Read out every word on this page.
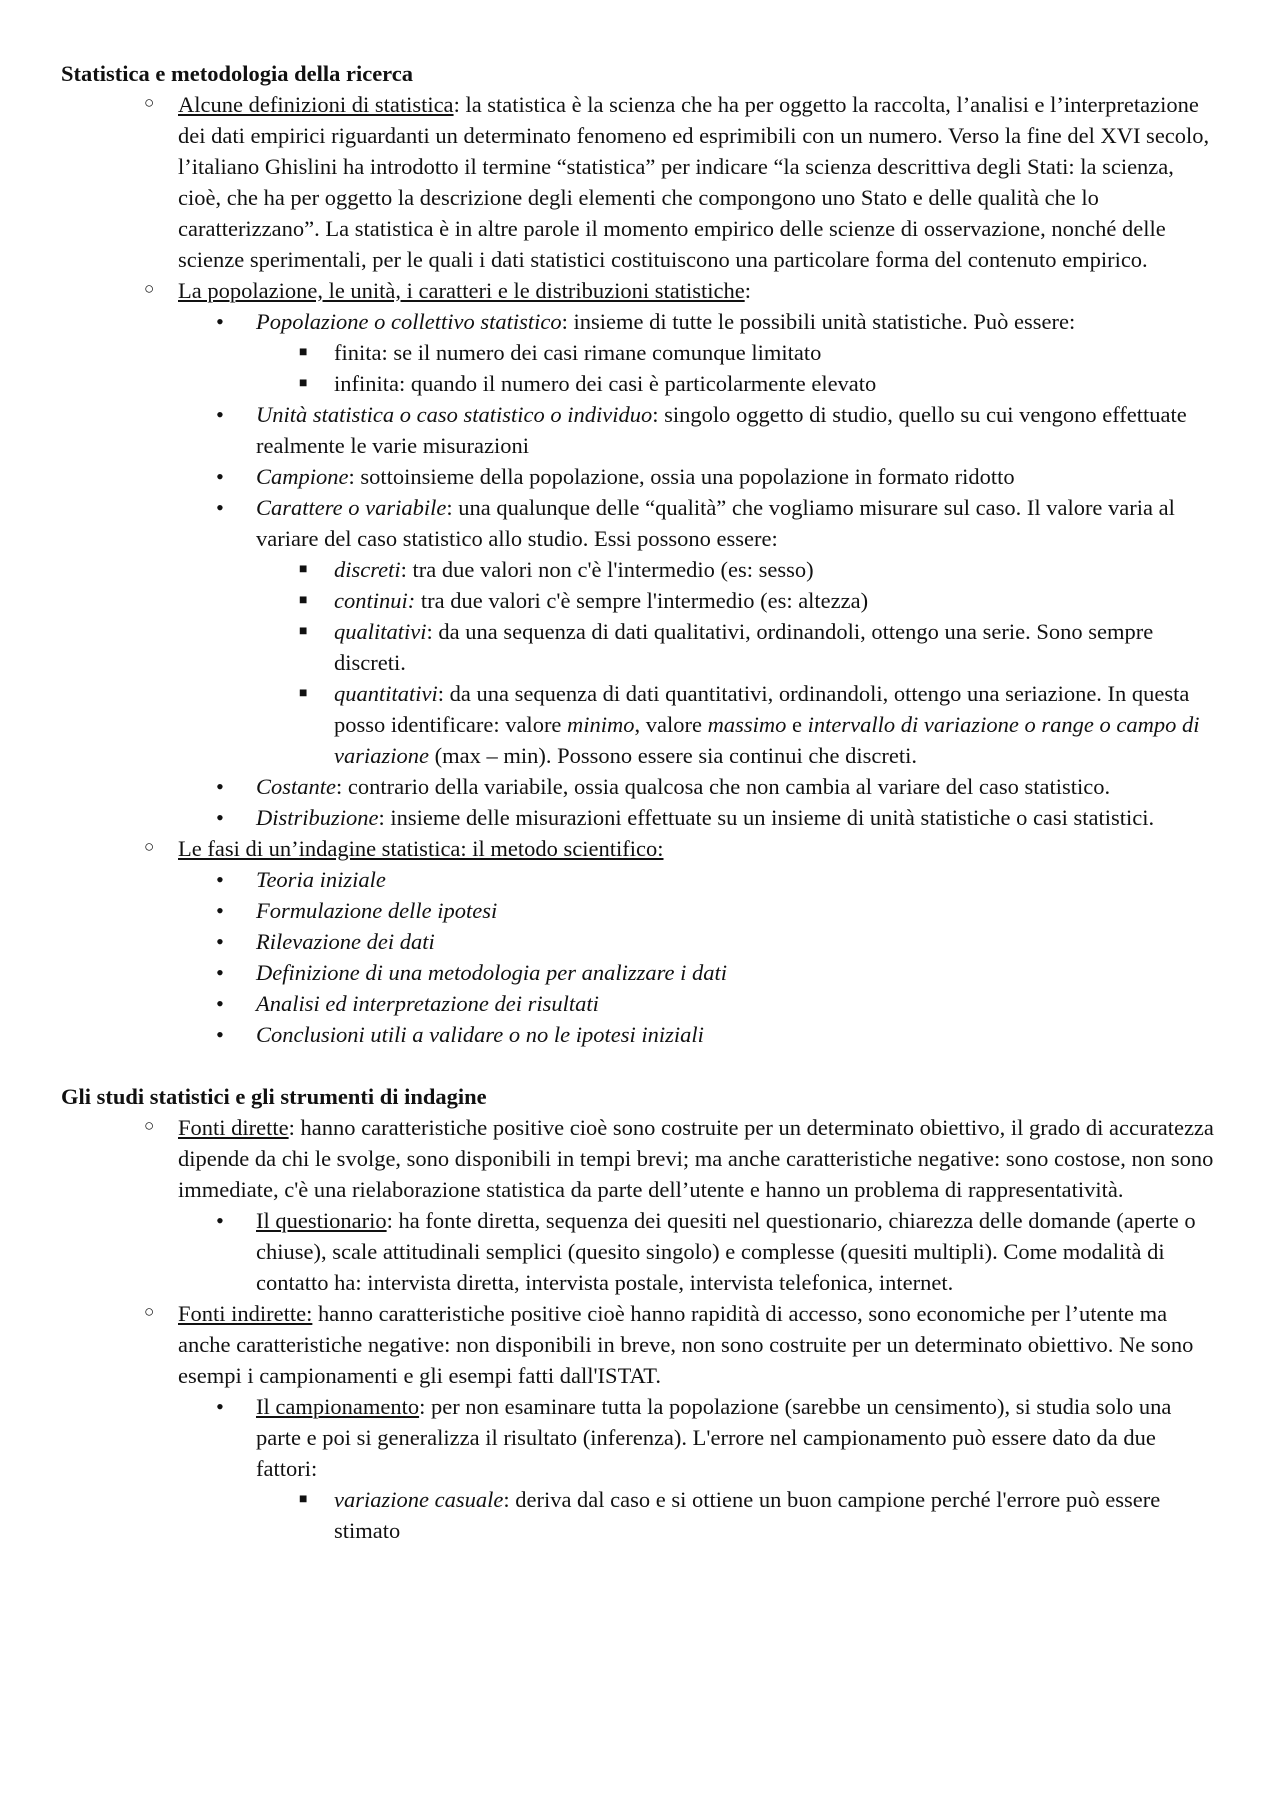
Statistica e metodologia della ricerca

○ Alcune definizioni di statistica: la statistica è la scienza che ha per oggetto la raccolta, l’analisi e l’interpretazione dei dati empirici riguardanti un determinato fenomeno ed esprimibili con un numero. Verso la fine del XVI secolo, l’italiano Ghislini ha introdotto il termine “statistica” per indicare “la scienza descrittiva degli Stati: la scienza, cioè, che ha per oggetto la descrizione degli elementi che compongono uno Stato e delle qualità che lo caratterizzano”. La statistica è in altre parole il momento empirico delle scienze di osservazione, nonché delle scienze sperimentali, per le quali i dati statistici costituiscono una particolare forma del contenuto empirico.
○ La popolazione, le unità, i caratteri e le distribuzioni statistiche:
• Popolazione o collettivo statistico: insieme di tutte le possibili unità statistiche. Può essere:
■ finita: se il numero dei casi rimane comunque limitato
■ infinita: quando il numero dei casi è particolarmente elevato
• Unità statistica o caso statistico o individuo: singolo oggetto di studio, quello su cui vengono effettuate realmente le varie misurazioni
• Campione: sottoinsieme della popolazione, ossia una popolazione in formato ridotto
• Carattere o variabile: una qualunque delle “qualità” che vogliamo misurare sul caso. Il valore varia al variare del caso statistico allo studio. Essi possono essere:
■ discreti: tra due valori non c'è l'intermedio (es: sesso)
■ continui: tra due valori c'è sempre l'intermedio (es: altezza)
■ qualitativi: da una sequenza di dati qualitativi, ordinandoli, ottengo una serie. Sono sempre discreti.
■ quantitativi: da una sequenza di dati quantitativi, ordinandoli, ottengo una seriazione. In questa posso identificare: valore minimo, valore massimo e intervallo di variazione o range o campo di variazione (max – min). Possono essere sia continui che discreti.
• Costante: contrario della variabile, ossia qualcosa che non cambia al variare del caso statistico.
• Distribuzione: insieme delle misurazioni effettuate su un insieme di unità statistiche o casi statistici.
○ Le fasi di un’indagine statistica: il metodo scientifico:
• Teoria iniziale
• Formulazione delle ipotesi
• Rilevazione dei dati
• Definizione di una metodologia per analizzare i dati
• Analisi ed interpretazione dei risultati
• Conclusioni utili a validare o no le ipotesi iniziali

Gli studi statistici e gli strumenti di indagine

○ Fonti dirette: hanno caratteristiche positive cioè sono costruite per un determinato obiettivo, il grado di accuratezza dipende da chi le svolge, sono disponibili in tempi brevi; ma anche caratteristiche negative: sono costose, non sono immediate, c'è una rielaborazione statistica da parte dell’utente e hanno un problema di rappresentatività.
• Il questionario: ha fonte diretta, sequenza dei quesiti nel questionario, chiarezza delle domande (aperte o chiuse), scale attitudinali semplici (quesito singolo) e complesse (quesiti multipli). Come modalità di contatto ha: intervista diretta, intervista postale, intervista telefonica, internet.
○ Fonti indirette: hanno caratteristiche positive cioè hanno rapidità di accesso, sono economiche per l’utente ma anche caratteristiche negative: non disponibili in breve, non sono costruite per un determinato obiettivo. Ne sono esempi i campionamenti e gli esempi fatti dall'ISTAT.
• Il campionamento: per non esaminare tutta la popolazione (sarebbe un censimento), si studia solo una parte e poi si generalizza il risultato (inferenza). L'errore nel campionamento può essere dato da due fattori:
■ variazione casuale: deriva dal caso e si ottiene un buon campione perché l'errore può essere stimato
